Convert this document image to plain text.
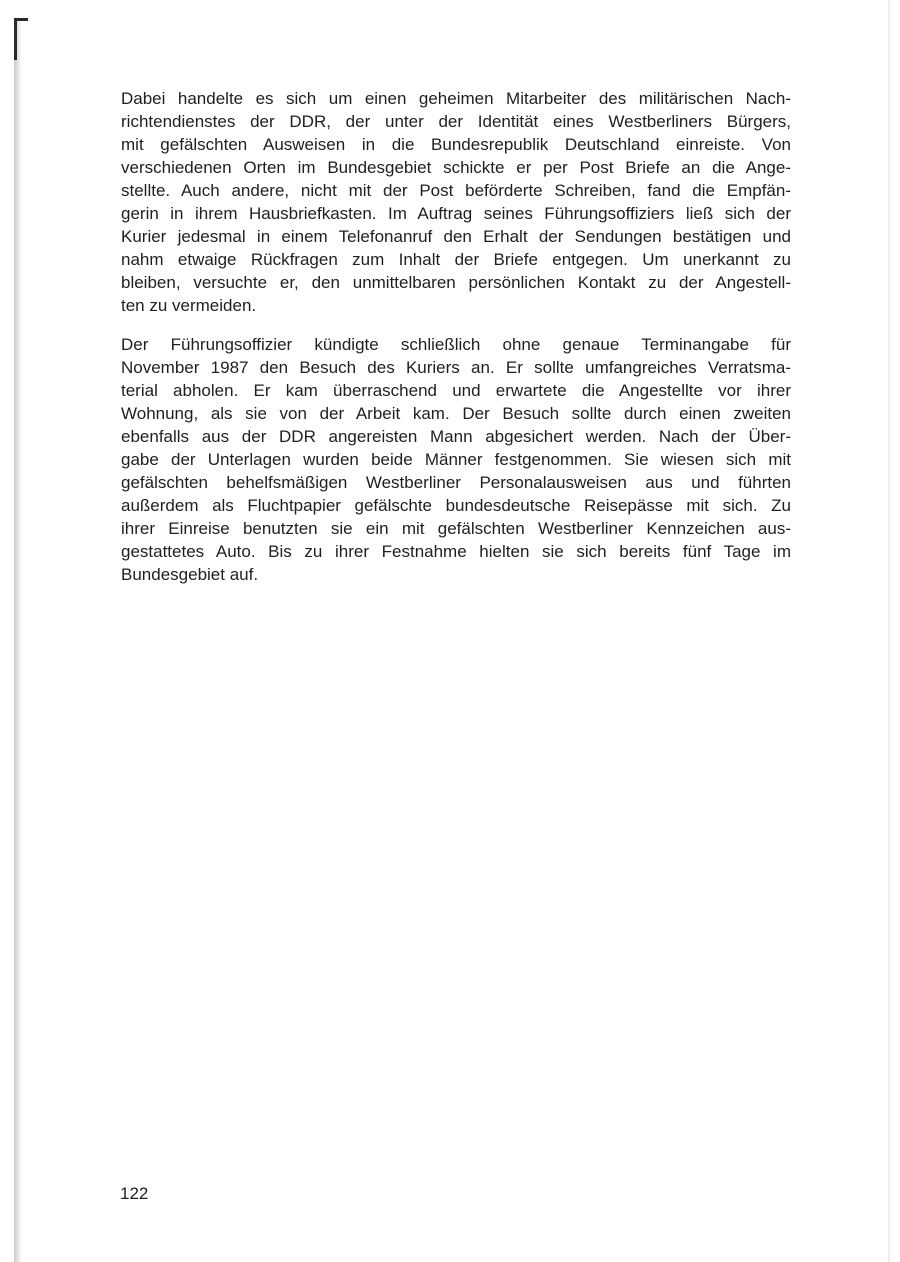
Dabei handelte es sich um einen geheimen Mitarbeiter des militärischen Nach-
richtendienstes der DDR, der unter der Identität eines Westberliners Bürgers,
mit gefälschten Ausweisen in die Bundesrepublik Deutschland einreiste. Von
verschiedenen Orten im Bundesgebiet schickte er per Post Briefe an die Ange-
stellte. Auch andere, nicht mit der Post beförderte Schreiben, fand die Empfän-
gerin in ihrem Hausbriefkasten. Im Auftrag seines Führungsoffiziers ließ sich der
Kurier jedesmal in einem Telefonanruf den Erhalt der Sendungen bestätigen und
nahm etwaige Rückfragen zum Inhalt der Briefe entgegen. Um unerkannt zu
bleiben, versuchte er, den unmittelbaren persönlichen Kontakt zu der Angestell-
ten zu vermeiden.
Der Führungsoffizier kündigte schließlich ohne genaue Terminangabe für
November 1987 den Besuch des Kuriers an. Er sollte umfangreiches Verratsma-
terial abholen. Er kam überraschend und erwartete die Angestellte vor ihrer
Wohnung, als sie von der Arbeit kam. Der Besuch sollte durch einen zweiten
ebenfalls aus der DDR angereisten Mann abgesichert werden. Nach der Über-
gabe der Unterlagen wurden beide Männer festgenommen. Sie wiesen sich mit
gefälschten behelfsmäßigen Westberliner Personalausweisen aus und führten
außerdem als Fluchtpapier gefälschte bundesdeutsche Reisepässe mit sich. Zu
ihrer Einreise benutzten sie ein mit gefälschten Westberliner Kennzeichen aus-
gestattetes Auto. Bis zu ihrer Festnahme hielten sie sich bereits fünf Tage im
Bundesgebiet auf.
122
